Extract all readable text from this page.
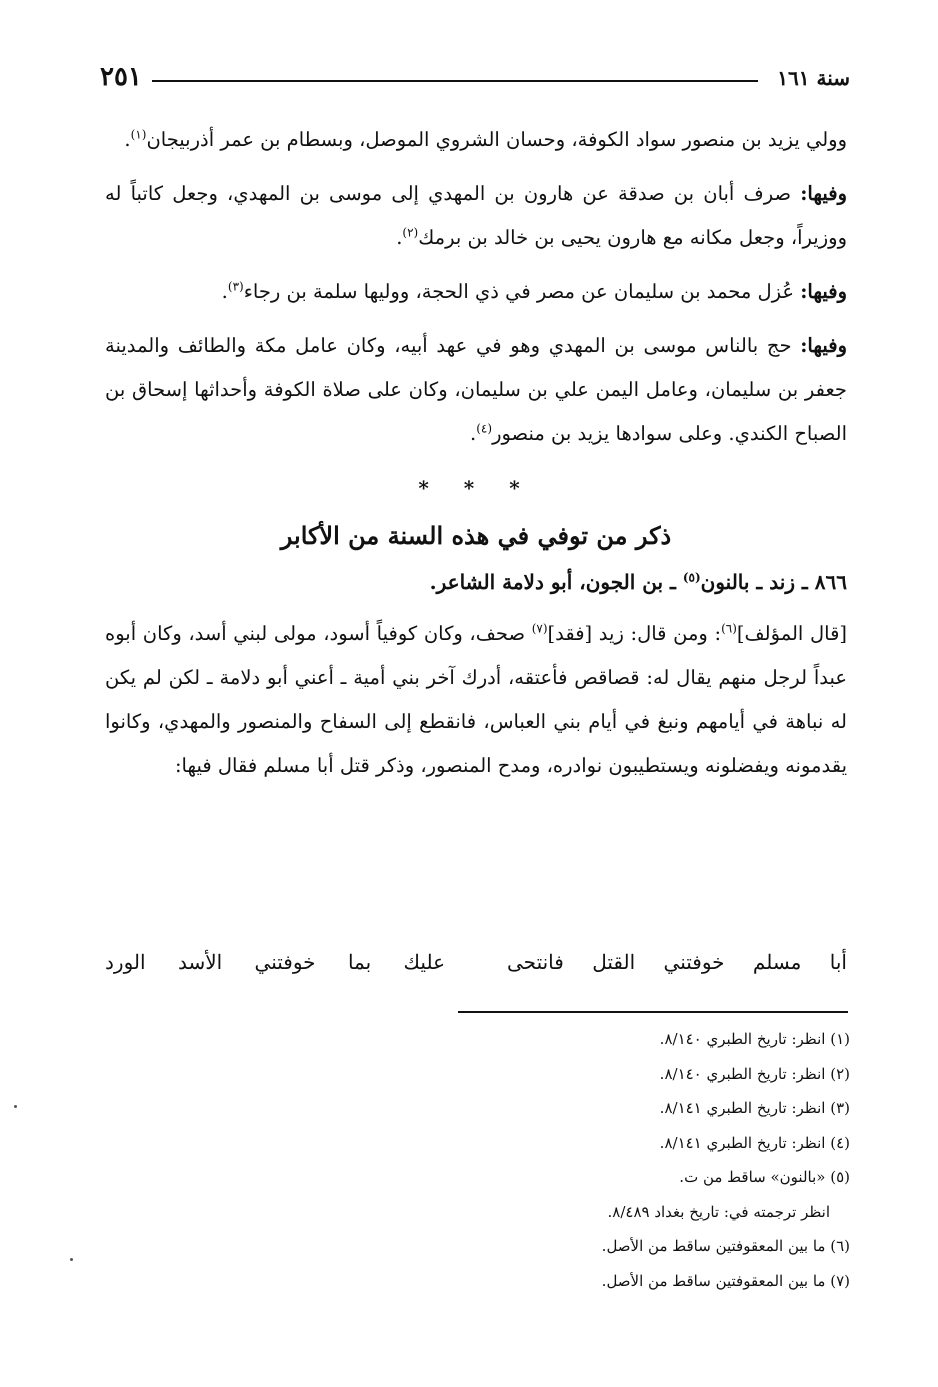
٢٥١	سنة ١٦١

وولي يزيد بن منصور سواد الكوفة، وحسان الشروي الموصل، وبسطام بن عمر أذربيجان$^{(١)}$.

وفيها: صرف أبان بن صدقة عن هارون بن المهدي إلى موسى بن المهدي، وجعل كاتباً له ووزيراً، وجعل مكانه مع هارون يحيى بن خالد بن برمك$^{(٢)}$.

وفيها: عُزل محمد بن سليمان عن مصر في ذي الحجة، ووليها سلمة بن رجاء$^{(٣)}$.

وفيها: حج بالناس موسى بن المهدي وهو في عهد أبيه، وكان عامل مكة والطائف والمدينة جعفر بن سليمان، وعامل اليمن علي بن سليمان، وكان على صلاة الكوفة وأحداثها إسحاق بن الصباح الكندي. وعلى سوادها يزيد بن منصور$^{(٤)}$.

* * *
ذكر من توفي في هذه السنة من الأكابر
٨٦٦ ـ زند ـ بالنون$^{(٥)}$ ـ بن الجون، أبو دلامة الشاعر.

[قال المؤلف]$^{(٦)}$: ومن قال: زيد [فقد]$^{(٧)}$ صحف، وكان كوفياً أسود، مولى لبني أسد، وكان أبوه عبداً لرجل منهم يقال له: قصاقص فأعتقه، أدرك آخر بني أمية ـ أعني أبو دلامة ـ لكن لم يكن له نباهة في أيامهم ونبغ في أيام بني العباس، فانقطع إلى السفاح والمنصور والمهدي، وكانوا يقدمونه ويفضلونه ويستطيبون نوادره، ومدح المنصور، وذكر قتل أبا مسلم فقال فيها:

أبا مسلم خوفتني القتل فانتحى
عليك بما خوفتني الأسد الورد
(١) انظر: تاريخ الطبري ٨/١٤٠.
(٢) انظر: تاريخ الطبري ٨/١٤٠.
(٣) انظر: تاريخ الطبري ٨/١٤١.
(٤) انظر: تاريخ الطبري ٨/١٤١.
(٥) «بالنون» ساقط من ت.
انظر ترجمته في: تاريخ بغداد ٨/٤٨٩.
(٦) ما بين المعقوفتين ساقط من الأصل.
(٧) ما بين المعقوفتين ساقط من الأصل.
